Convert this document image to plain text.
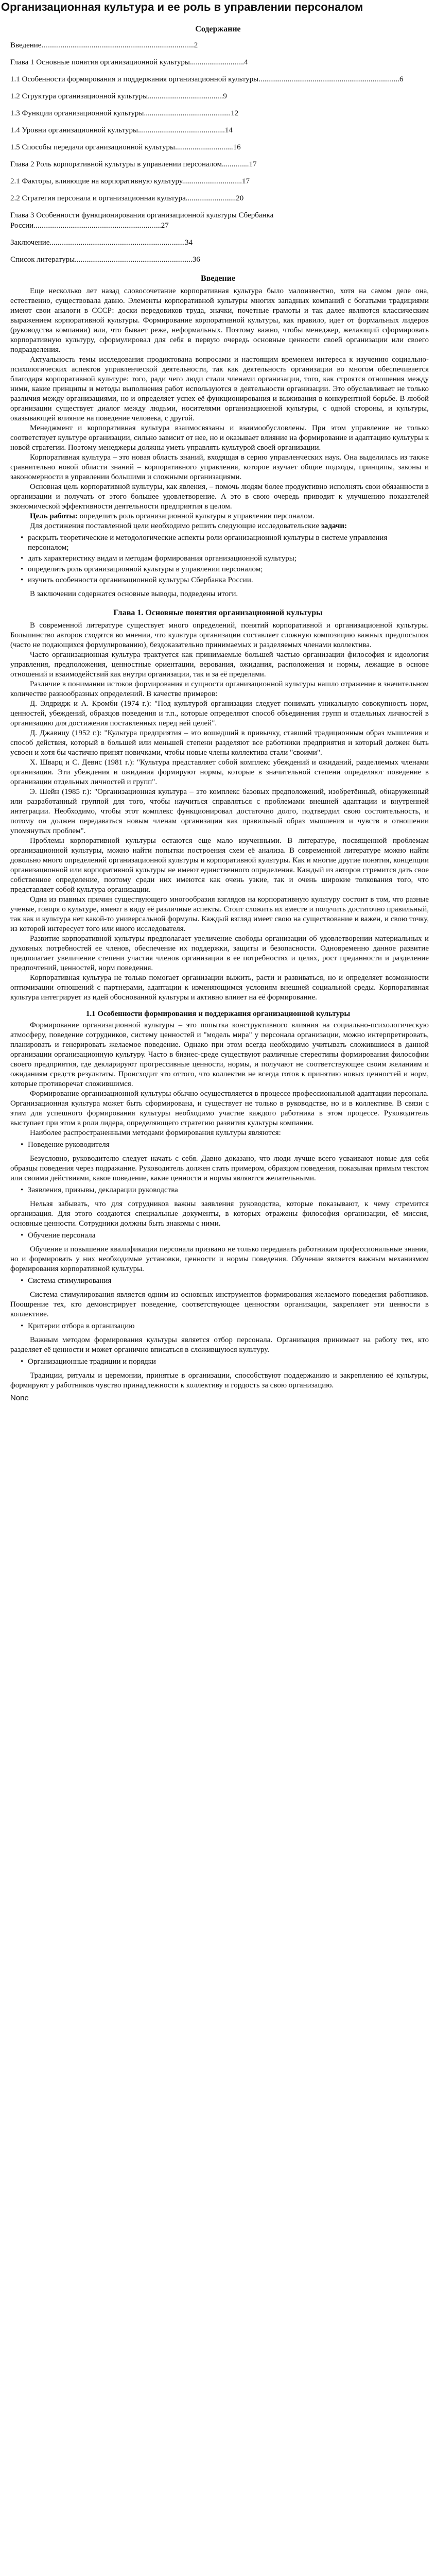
Организационная культура и ее роль в управлении персоналом
Содержание
Введение...............................................................................2
Глава 1 Основные понятия организационной культуры............................4
1.1 Особенности формирования и поддержания организационной культуры.........................................................................6
1.2 Структура организационной культуры.......................................9
1.3 Функции организационной культуры.............................................12
1.4 Уровни организационной культуры.............................................14
1.5 Способы передачи организационной культуры..............................16
Глава 2 Роль корпоративной культуры в управлении персоналом..............17
2.1 Факторы, влияющие на корпоративную культуру...............................17
2.2 Стратегия персонала и организационная культура..........................20
Глава 3 Особенности функционирования организационной культуры Сбербанка России..................................................................27
Заключение......................................................................34
Список литературы.............................................................36
Введение

Еще несколько лет назад словосочетание корпоративная культура было малоизвестно, хотя на самом деле она, естественно, существовала давно. Элементы корпоративной культуры многих западных компаний с богатыми традициями имеют свои аналоги в СССР: доски передовиков труда, значки, почетные грамоты и так далее являются классическим выражением корпоративной культуры. Формирование корпоративной культуры, как правило, идет от формальных лидеров (руководства компании) или, что бывает реже, неформальных. Поэтому важно, чтобы менеджер, желающий сформировать корпоративную культуру, сформулировал для себя в первую очередь основные ценности своей организации или своего подразделения.

Актуальность темы исследования продиктована вопросами и настоящим временем интереса к изучению социально-психологических аспектов управленческой деятельности, так как деятельность организации во многом обеспечивается благодаря корпоративной культуре: того, ради чего люди стали членами организации, того, как строятся отношения между ними, какие принципы и методы выполнения работ используются в деятельности организации. Это обуславливает не только различия между организациями, но и определяет успех её функционирования и выживания в конкурентной борьбе. В любой организации существует диалог между людьми, носителями организационной культуры, с одной стороны, и культуры, оказывающей влияние на поведение человека, с другой.

Менеджмент и корпоративная культура взаимосвязаны и взаимообусловлены. При этом управление не только соответствует культуре организации, сильно зависит от нее, но и оказывает влияние на формирование и адаптацию культуры к новой стратегии. Поэтому менеджеры должны уметь управлять культурой своей организации.

Корпоративная культура – это новая область знаний, входящая в серию управленческих наук. Она выделилась из также сравнительно новой области знаний – корпоративного управления, которое изучает общие подходы, принципы, законы и закономерности в управлении большими и сложными организациями.

Основная цель корпоративной культуры, как явления, – помочь людям более продуктивно исполнять свои обязанности в организации и получать от этого большее удовлетворение. А это в свою очередь приводит к улучшению показателей экономической эффективности деятельности предприятия в целом.

Цель работы: определить роль организационной культуры в управлении персоналом.

Для достижения поставленной цели необходимо решить следующие исследовательские задачи:

• раскрыть теоретические и методологические аспекты роли организационной культуры в системе управления персоналом;
• дать характеристику видам и методам формирования организационной культуры;
• определить роль организационной культуры в управлении персоналом;
• изучить особенности организационной культуры Сбербанка России.

В заключении содержатся основные выводы, подведены итоги.

Глава 1. Основные понятия организационной культуры

В современной литературе существует много определений, понятий корпоративной и организационной культуры. Большинство авторов сходятся во мнении, что культура организации составляет сложную композицию важных предпосылок (часто не подающихся формулированию), бездоказательно принимаемых и разделяемых членами коллектива.

Часто организационная культура трактуется как принимаемые большей частью организации философия и идеология управления, предположения, ценностные ориентации, верования, ожидания, расположения и нормы, лежащие в основе отношений и взаимодействий как внутри организации, так и за её пределами.

Различие в понимании истоков формирования и сущности организационной культуры нашло отражение в значительном количестве разнообразных определений. В качестве примеров:

Д. Элдридж и А. Кромби (1974 г.): "Под культурой организации следует понимать уникальную совокупность норм, ценностей, убеждений, образцов поведения и т.п., которые определяют способ объединения групп и отдельных личностей в организацию для достижения поставленных перед ней целей".

Д. Джавицу (1952 г.): "Культура предприятия – это вошедший в привычку, ставший традиционным образ мышления и способ действия, который в большей или меньшей степени разделяют все работники предприятия и который должен быть усвоен и хотя бы частично принят новичками, чтобы новые члены коллектива стали "своими".

Х. Шварц и С. Девис (1981 г.): "Культура представляет собой комплекс убеждений и ожиданий, разделяемых членами организации. Эти убеждения и ожидания формируют нормы, которые в значительной степени определяют поведение в организации отдельных личностей и групп".

Э. Шейн (1985 г.): "Организационная культура – это комплекс базовых предположений, изобретённый, обнаруженный или разработанный группой для того, чтобы научиться справляться с проблемами внешней адаптации и внутренней интеграции. Необходимо, чтобы этот комплекс функционировал достаточно долго, подтвердил свою состоятельность, и потому он должен передаваться новым членам организации как правильный образ мышления и чувств в отношении упомянутых проблем".

Проблемы корпоративной культуры остаются еще мало изученными. В литературе, посвященной проблемам организационной культуры, можно найти попытки построения схем её анализа. В современной литературе можно найти довольно много определений организационной культуры и корпоративной культуры. Как и многие другие понятия, концепции организационной или корпоративной культуры не имеют единственного определения. Каждый из авторов стремится дать свое собственное определение, поэтому среди них имеются как очень узкие, так и очень широкие толкования того, что представляет собой культура организации.

Одна из главных причин существующего многообразия взглядов на корпоративную культуру состоит в том, что разные ученые, говоря о культуре, имеют в виду её различные аспекты. Стоит сложить их вместе и получить достаточно правильный, так как и культура нет какой-то универсальной формулы. Каждый взгляд имеет свою на существование и важен, и свою точку, из которой интересует того или иного исследователя.

Развитие корпоративной культуры предполагает увеличение свободы организации об удовлетворении материальных и духовных потребностей ее членов, обеспечение их поддержки, защиты и безопасности. Одновременно данное развитие предполагает увеличение степени участия членов организации в ее потребностях и целях, рост преданности и разделение предпочтений, ценностей, норм поведения.

Корпоративная культура не только помогает организации выжить, расти и развиваться, но и определяет возможности оптимизации отношений с партнерами, адаптации к изменяющимся условиям внешней социальной среды. Корпоративная культура интегрирует из идей обоснованной культуры и активно влияет на её формирование.

1.1 Особенности формирования и поддержания организационной культуры

Формирование организационной культуры – это попытка конструктивного влияния на социально-психологическую атмосферу, поведение сотрудников, систему ценностей и "модель мира" у персонала организации, можно интерпретировать, планировать и генерировать желаемое поведение. Однако при этом всегда необходимо учитывать сложившиеся в данной организации организационную культуру. Часто в бизнес-среде существуют различные стереотипы формирования философии своего предприятия, где декларируют прогрессивные ценности, нормы, и получают не соответствующее своим желаниям и ожиданиям средств результаты. Происходит это оттого, что коллектив не всегда готов к принятию новых ценностей и норм, которые противоречат сложившимся.

Формирование организационной культуры обычно осуществляется в процессе профессиональной адаптации персонала. Организационная культура может быть сформирована, и существует не только в руководстве, но и в коллективе. В связи с этим для успешного формирования культуры необходимо участие каждого работника в этом процессе. Руководитель выступает при этом в роли лидера, определяющего стратегию развития культуры компании.

Наиболее распространенными методами формирования культуры являются:

• Поведение руководителя

Безусловно, руководителю следует начать с себя. Давно доказано, что люди лучше всего усваивают новые для себя образцы поведения через подражание. Руководитель должен стать примером, образцом поведения, показывая прямым текстом или своими действиями, какое поведение, какие ценности и нормы являются желательными.

• Заявления, призывы, декларации руководства

Нельзя забывать, что для сотрудников важны заявления руководства, которые показывают, к чему стремится организация. Для этого создаются специальные документы, в которых отражены философия организации, её миссия, основные ценности. Сотрудники должны быть знакомы с ними.

• Обучение персонала

Обучение и повышение квалификации персонала призвано не только передавать работникам профессиональные знания, но и формировать у них необходимые установки, ценности и нормы поведения. Обучение является важным механизмом формирования корпоративной культуры.

• Система стимулирования

Система стимулирования является одним из основных инструментов формирования желаемого поведения работников. Поощрение тех, кто демонстрирует поведение, соответствующее ценностям организации, закрепляет эти ценности в коллективе.

• Критерии отбора в организацию

Важным методом формирования культуры является отбор персонала. Организация принимает на работу тех, кто разделяет её ценности и может органично вписаться в сложившуюся культуру.

• Организационные традиции и порядки

Традиции, ритуалы и церемонии, принятые в организации, способствуют поддержанию и закреплению её культуры, формируют у работников чувство принадлежности к коллективу и гордость за свою организацию.

None
